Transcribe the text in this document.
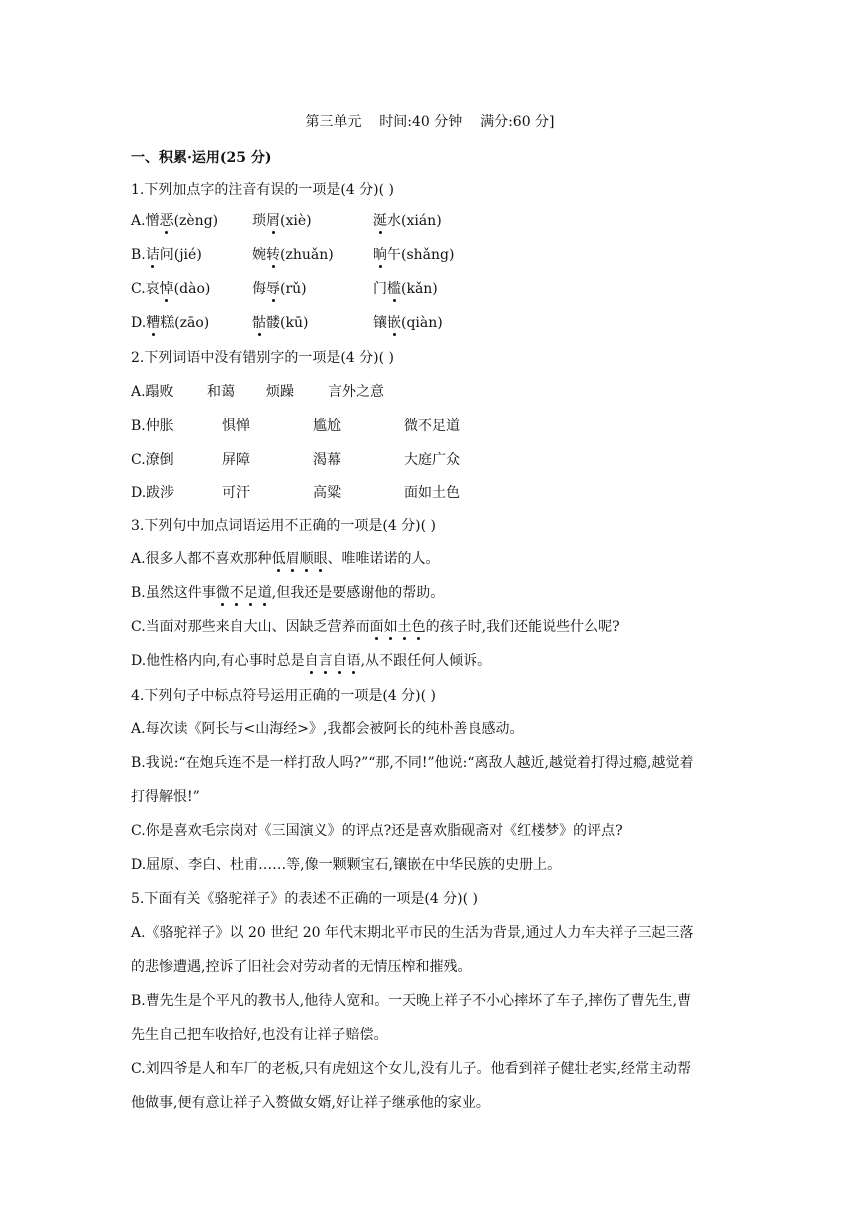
第三单元    时间:40 分钟    满分:60 分]
一、积累·运用(25 分)
1.下列加点字的注音有误的一项是(4 分)( )
A.憎恶(zèng) 琐屑(xiè)	涎水(xián)
B.诘问(jié)	婉转(zhuǎn)	晌午(shǎng)
C.哀悼(dào)	侮辱(rǔ)	门槛(kǎn)
D.糟糕(zāo)	骷髅(kū)	镶嵌(qiàn)
2.下列词语中没有错别字的一项是(4 分)( )
A.蹋败 和蔼 烦躁 言外之意
B.仲胀	惧惮	尴尬	微不足道
C.潦倒	屏障	渴幕	大庭广众
D.跋涉	可汗	高粱	面如土色
3.下列句中加点词语运用不正确的一项是(4 分)( )
A.很多人都不喜欢那种低眉顺眼、唯唯诺诺的人。
B.虽然这件事微不足道,但我还是要感谢他的帮助。
C.当面对那些来自大山、因缺乏营养而面如土色的孩子时,我们还能说些什么呢?
D.他性格内向,有心事时总是自言自语,从不跟任何人倾诉。
4.下列句子中标点符号运用正确的一项是(4 分)( )
A.每次读《阿长与<山海经>》,我都会被阿长的纯朴善良感动。
B.我说:“在炮兵连不是一样打敌人吗?”“那,不同!”他说:“离敌人越近,越觉着打得过瘾,越觉着
打得解恨!”
C.你是喜欢毛宗岗对《三国演义》的评点?还是喜欢脂砚斋对《红楼梦》的评点?
D.屈原、李白、杜甫……等,像一颗颗宝石,镶嵌在中华民族的史册上。
5.下面有关《骆驼祥子》的表述不正确的一项是(4 分)( )
A.《骆驼祥子》以 20 世纪 20 年代末期北平市民的生活为背景,通过人力车夫祥子三起三落
的悲惨遭遇,控诉了旧社会对劳动者的无情压榨和摧残。
B.曹先生是个平凡的教书人,他待人宽和。一天晚上祥子不小心摔坏了车子,摔伤了曹先生,曹
先生自己把车收拾好,也没有让祥子赔偿。
C.刘四爷是人和车厂的老板,只有虎妞这个女儿,没有儿子。他看到祥子健壮老实,经常主动帮
他做事,便有意让祥子入赘做女婿,好让祥子继承他的家业。
